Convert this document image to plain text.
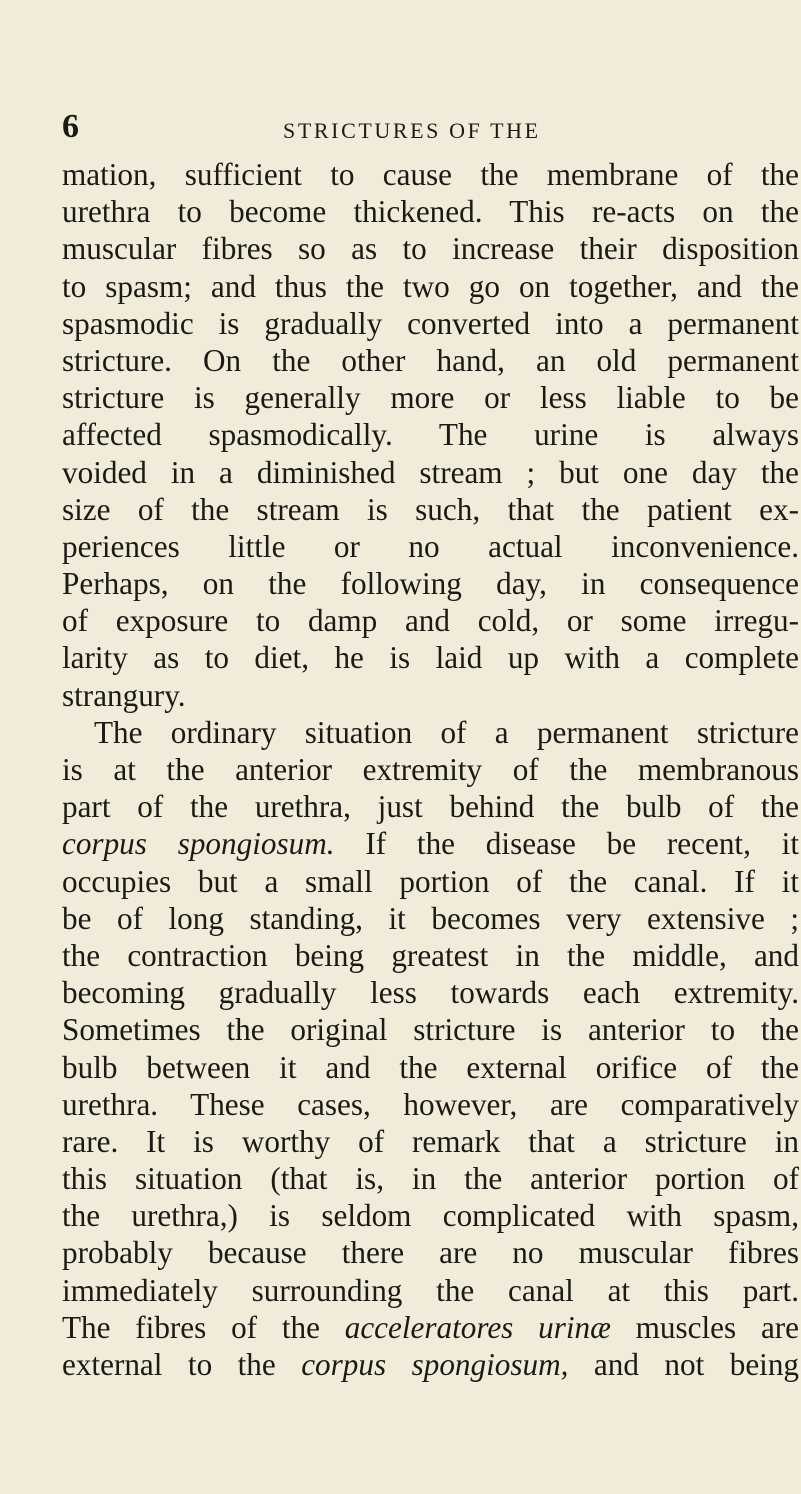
6	STRICTURES OF THE
mation, sufficient to cause the membrane of the
urethra to become thickened. This re-acts on the
muscular fibres so as to increase their disposition
to spasm; and thus the two go on together, and the
spasmodic is gradually converted into a permanent
stricture. On the other hand, an old permanent
stricture is generally more or less liable to be
affected spasmodically. The urine is always
voided in a diminished stream ; but one day the
size of the stream is such, that the patient ex-
periences little or no actual inconvenience.
Perhaps, on the following day, in consequence
of exposure to damp and cold, or some irregu-
larity as to diet, he is laid up with a complete
strangury.
The ordinary situation of a permanent stricture
is at the anterior extremity of the membranous
part of the urethra, just behind the bulb of the
corpus spongiosum. If the disease be recent, it
occupies but a small portion of the canal. If it
be of long standing, it becomes very extensive ;
the contraction being greatest in the middle, and
becoming gradually less towards each extremity.
Sometimes the original stricture is anterior to the
bulb between it and the external orifice of the
urethra. These cases, however, are comparatively
rare. It is worthy of remark that a stricture in
this situation (that is, in the anterior portion of
the urethra,) is seldom complicated with spasm,
probably because there are no muscular fibres
immediately surrounding the canal at this part.
The fibres of the acceleratores urinæ muscles are
external to the corpus spongiosum, and not being
